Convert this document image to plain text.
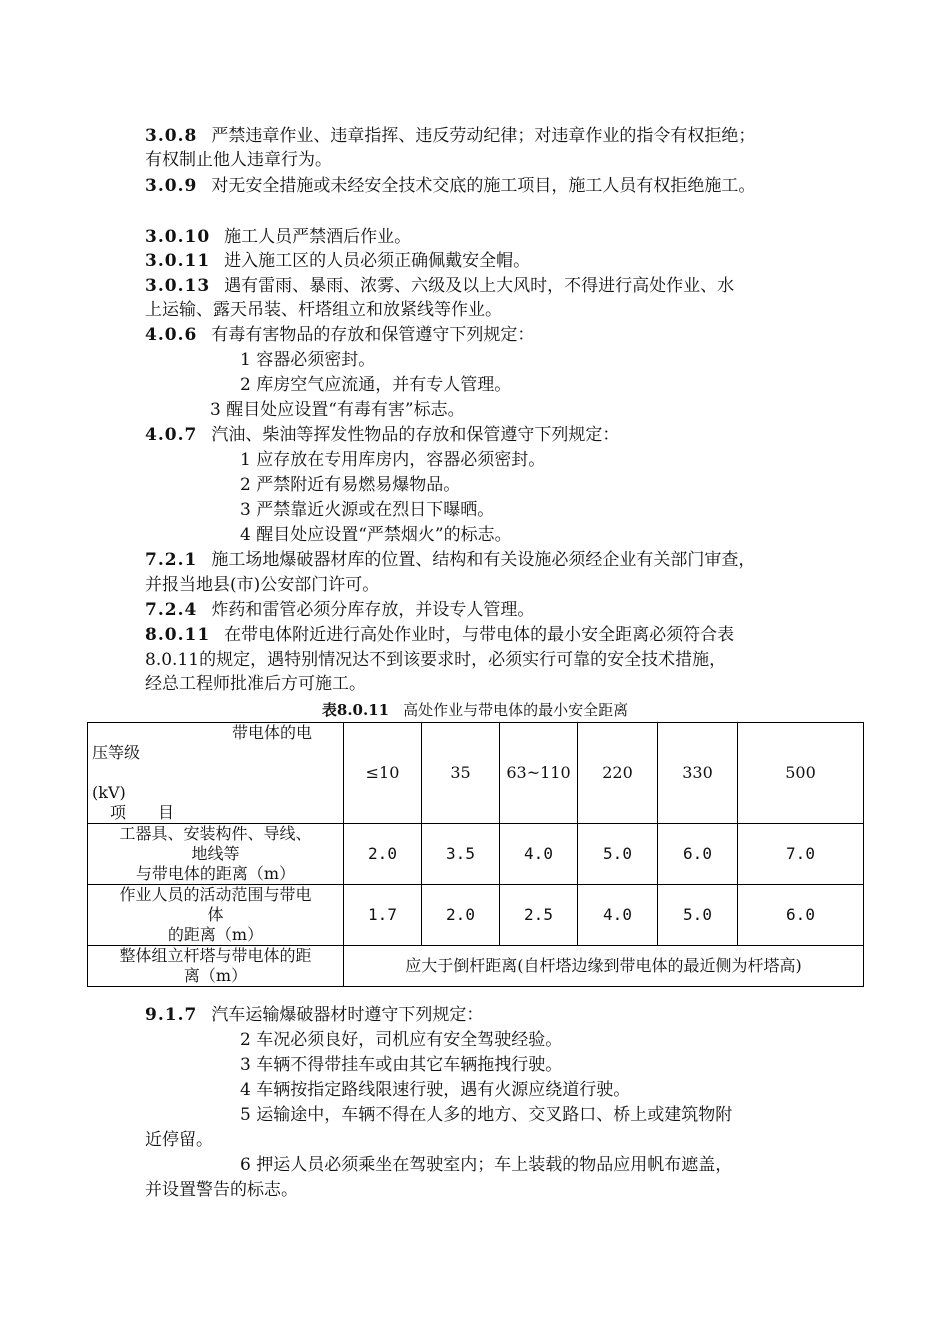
3.0.8 严禁违章作业、违章指挥、违反劳动纪律；对违章作业的指令有权拒绝；
有权制止他人违章行为。
3.0.9 对无安全措施或未经安全技术交底的施工项目，施工人员有权拒绝施工。
3.0.10 施工人员严禁酒后作业。
3.0.11 进入施工区的人员必须正确佩戴安全帽。
3.0.13 遇有雷雨、暴雨、浓雾、六级及以上大风时，不得进行高处作业、水
上运输、露天吊装、杆塔组立和放紧线等作业。
4.0.6 有毒有害物品的存放和保管遵守下列规定：
1 容器必须密封。
2 库房空气应流通，并有专人管理。
3 醒目处应设置“有毒有害”标志。
4.0.7 汽油、柴油等挥发性物品的存放和保管遵守下列规定：
1 应存放在专用库房内，容器必须密封。
2 严禁附近有易燃易爆物品。
3 严禁靠近火源或在烈日下曝晒。
4 醒目处应设置“严禁烟火”的标志。
7.2.1 施工场地爆破器材库的位置、结构和有关设施必须经企业有关部门审查，
并报当地县(市)公安部门许可。
7.2.4 炸药和雷管必须分库存放，并设专人管理。
8.0.11 在带电体附近进行高处作业时，与带电体的最小安全距离必须符合表
8.0.11的规定，遇特别情况达不到该要求时，必须实行可靠的安全技术措施，
经总工程师批准后方可施工。
表8.0.11 高处作业与带电体的最小安全距离
带电体的电
压等级
(kV)
项　　目	≤10	35	63~110	220	330	500

工器具、安装构件、导线、
地线等
与带电体的距离（m）	2.0	3.5	4.0	5.0	6.0	7.0

作业人员的活动范围与带电
体
的距离（m）	1.7	2.0	2.5	4.0	5.0	6.0

整体组立杆塔与带电体的距
离（m）	应大于倒杆距离(自杆塔边缘到带电体的最近侧为杆塔高)					
9.1.7 汽车运输爆破器材时遵守下列规定：
2 车况必须良好，司机应有安全驾驶经验。
3 车辆不得带挂车或由其它车辆拖拽行驶。
4 车辆按指定路线限速行驶，遇有火源应绕道行驶。
5 运输途中，车辆不得在人多的地方、交叉路口、桥上或建筑物附
近停留。
6 押运人员必须乘坐在驾驶室内；车上装载的物品应用帆布遮盖，
并设置警告的标志。
